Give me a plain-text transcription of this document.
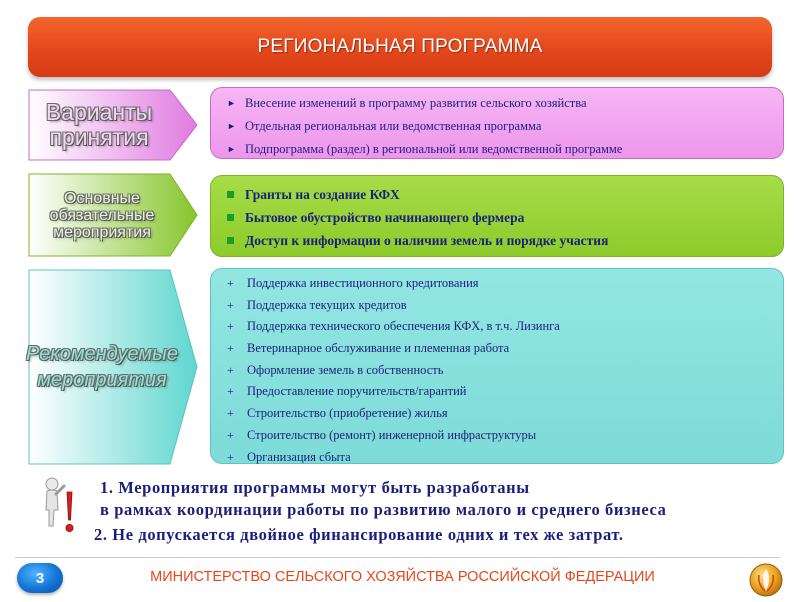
РЕГИОНАЛЬНАЯ ПРОГРАММА
Варианты
принятия
Основные
обязательные
мероприятия
Рекомендуемые
мероприятия
► Внесение изменений в программу развития сельского хозяйства
► Отдельная региональная или ведомственная программа
► Подпрограмма (раздел) в региональной или ведомственной программе
Гранты на создание КФХ
Бытовое обустройство начинающего фермера
Доступ к информации о наличии земель и порядке участия
+	Поддержка инвестиционного кредитования
+	Поддержка текущих кредитов
+	Поддержка технического обеспечения КФХ, в т.ч. Лизинга
+	Ветеринарное обслуживание и племенная работа
+	Оформление земель в собственность
+	Предоставление поручительств/гарантий
+	Строительство (приобретение) жилья
+	Строительство (ремонт) инженерной инфраструктуры
+	Организация сбыта
1. Мероприятия программы могут быть разработаны
в рамках координации работы по развитию малого и среднего бизнеса
2. Не допускается двойное финансирование одних и тех же затрат.
3	МИНИСТЕРСТВО СЕЛЬСКОГО ХОЗЯЙСТВА РОССИЙСКОЙ ФЕДЕРАЦИИ
